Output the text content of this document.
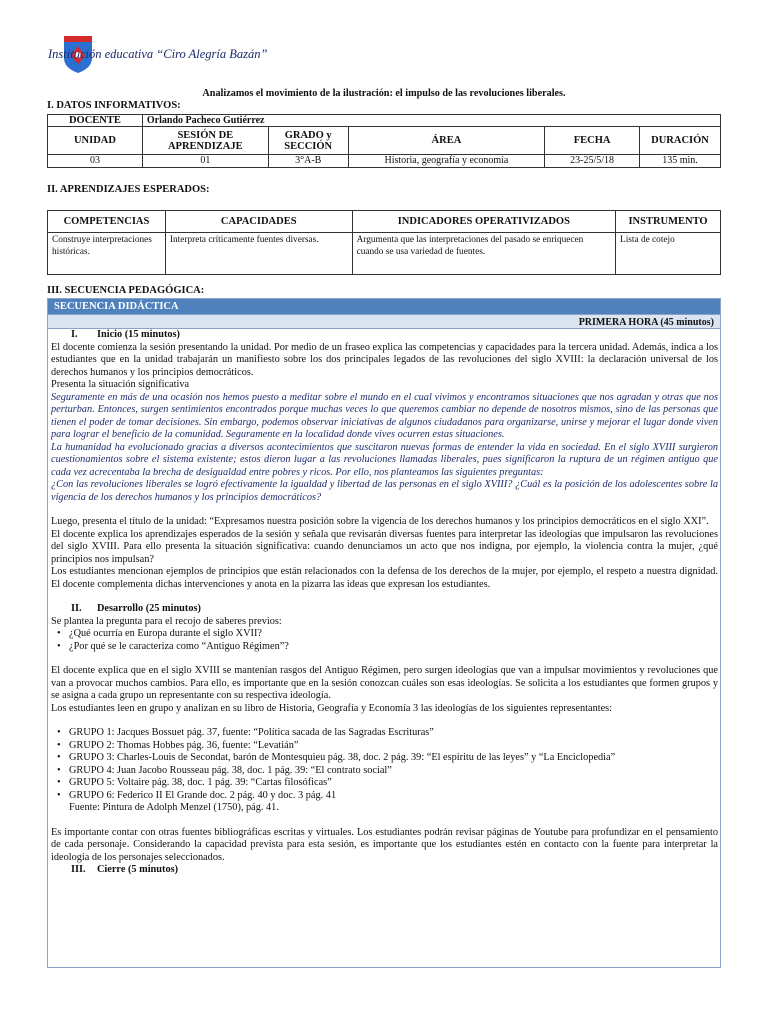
Institución educativa “Ciro Alegría Bazán”
Analizamos el movimiento de la ilustración: el impulso de las revoluciones liberales.
I. DATOS INFORMATIVOS:
DOCENTE	Orlando Pacheco Gutiérrez				
UNIDAD	SESIÓN DE APRENDIZAJE	GRADO y SECCIÓN	ÁREA	FECHA	DURACIÓN
03	01	3°A-B	Historia, geografía y economía	23-25/5/18	135 min.
II. APRENDIZAJES ESPERADOS:
COMPETENCIAS	CAPACIDADES	INDICADORES OPERATIVIZADOS	INSTRUMENTO
Construye interpretaciones históricas.	Interpreta críticamente fuentes diversas.	Argumenta que las interpretaciones del pasado se enriquecen cuando se usa variedad de fuentes.	Lista de cotejo
III. SECUENCIA PEDAGÓGICA:
SECUENCIA DIDÁCTICA
PRIMERA HORA (45 minutos)

I. Inicio (15 minutos)

El docente comienza la sesión presentando la unidad. Por medio de un fraseo explica las competencias y capacidades para la tercera unidad. Además, indica a los estudiantes que en la unidad trabajarán un manifiesto sobre los dos principales legados de las revoluciones del siglo XVIII: la declaración universal de los derechos humanos y los principios democráticos.

Presenta la situación significativa

Seguramente en más de una ocasión nos hemos puesto a meditar sobre el mundo en el cual vivimos y encontramos situaciones que nos agradan y otras que nos perturban. Entonces, surgen sentimientos encontrados porque muchas veces lo que queremos cambiar no depende de nosotros mismos, sino de las personas que tienen el poder de tomar decisiones. Sin embargo, podemos observar iniciativas de algunos ciudadanos para organizarse, unirse y mejorar el lugar donde viven para lograr el beneficio de la comunidad. Seguramente en la localidad donde vives ocurren estas situaciones.

La humanidad ha evolucionado gracias a diversos acontecimientos que suscitaron nuevas formas de entender la vida en sociedad. En el siglo XVIII surgieron cuestionamientos sobre el sistema existente; estos dieron lugar a las revoluciones llamadas liberales, pues significaron la ruptura de un régimen antiguo que cada vez acrecentaba la brecha de desigualdad entre pobres y ricos. Por ello, nos planteamos las siguientes preguntas:

¿Con las revoluciones liberales se logró efectivamente la igualdad y libertad de las personas en el siglo XVIII? ¿Cuál es la posición de los adolescentes sobre la vigencia de los derechos humanos y los principios democráticos?

Luego, presenta el título de la unidad: “Expresamos nuestra posición sobre la vigencia de los derechos humanos y los principios democráticos en el siglo XXI”.

El docente explica los aprendizajes esperados de la sesión y señala que revisarán diversas fuentes para interpretar las ideologías que impulsaron las revoluciones del siglo XVIII. Para ello presenta la situación significativa: cuando denunciamos un acto que nos indigna, por ejemplo, la violencia contra la mujer, ¿qué principios nos impulsan?

Los estudiantes mencionan ejemplos de principios que están relacionados con la defensa de los derechos de la mujer, por ejemplo, el respeto a nuestra dignidad. El docente complementa dichas intervenciones y anota en la pizarra las ideas que expresan los estudiantes.

II. Desarrollo (25 minutos)

Se plantea la pregunta para el recojo de saberes previos:

• ¿Qué ocurría en Europa durante el siglo XVII?
• ¿Por qué se le caracteriza como “Antiguo Régimen”?

El docente explica que en el siglo XVIII se mantenían rasgos del Antiguo Régimen, pero surgen ideologías que van a impulsar movimientos y revoluciones que van a provocar muchos cambios. Para ello, es importante que en la sesión conozcan cuáles son esas ideologías. Se solicita a los estudiantes que formen grupos y se asigna a cada grupo un representante con su respectiva ideología.

Los estudiantes leen en grupo y analizan en su libro de Historia, Geografía y Economía 3 las ideologías de los siguientes representantes:

• GRUPO 1: Jacques Bossuet pág. 37, fuente: “Política sacada de las Sagradas Escrituras”
• GRUPO 2: Thomas Hobbes pág. 36, fuente: “Levatián”
• GRUPO 3: Charles-Louis de Secondat, barón de Montesquieu pág. 38, doc. 2 pág. 39: “El espíritu de las leyes” y “La Enciclopedia”
• GRUPO 4: Juan Jacobo Rousseau pág. 38, doc. 1 pág. 39: “El contrato social”
• GRUPO 5: Voltaire pág. 38, doc. 1 pág. 39: “Cartas filosóficas”
• GRUPO 6: Federico II El Grande doc. 2 pág. 40 y doc. 3 pág. 41

Fuente: Pintura de Adolph Menzel (1750), pág. 41.

Es importante contar con otras fuentes bibliográficas escritas y virtuales. Los estudiantes podrán revisar páginas de Youtube para profundizar en el pensamiento de cada personaje. Considerando la capacidad prevista para esta sesión, es importante que los estudiantes estén en contacto con la fuente para interpretar la ideología de los personajes seleccionados.

III. Cierre (5 minutos)
